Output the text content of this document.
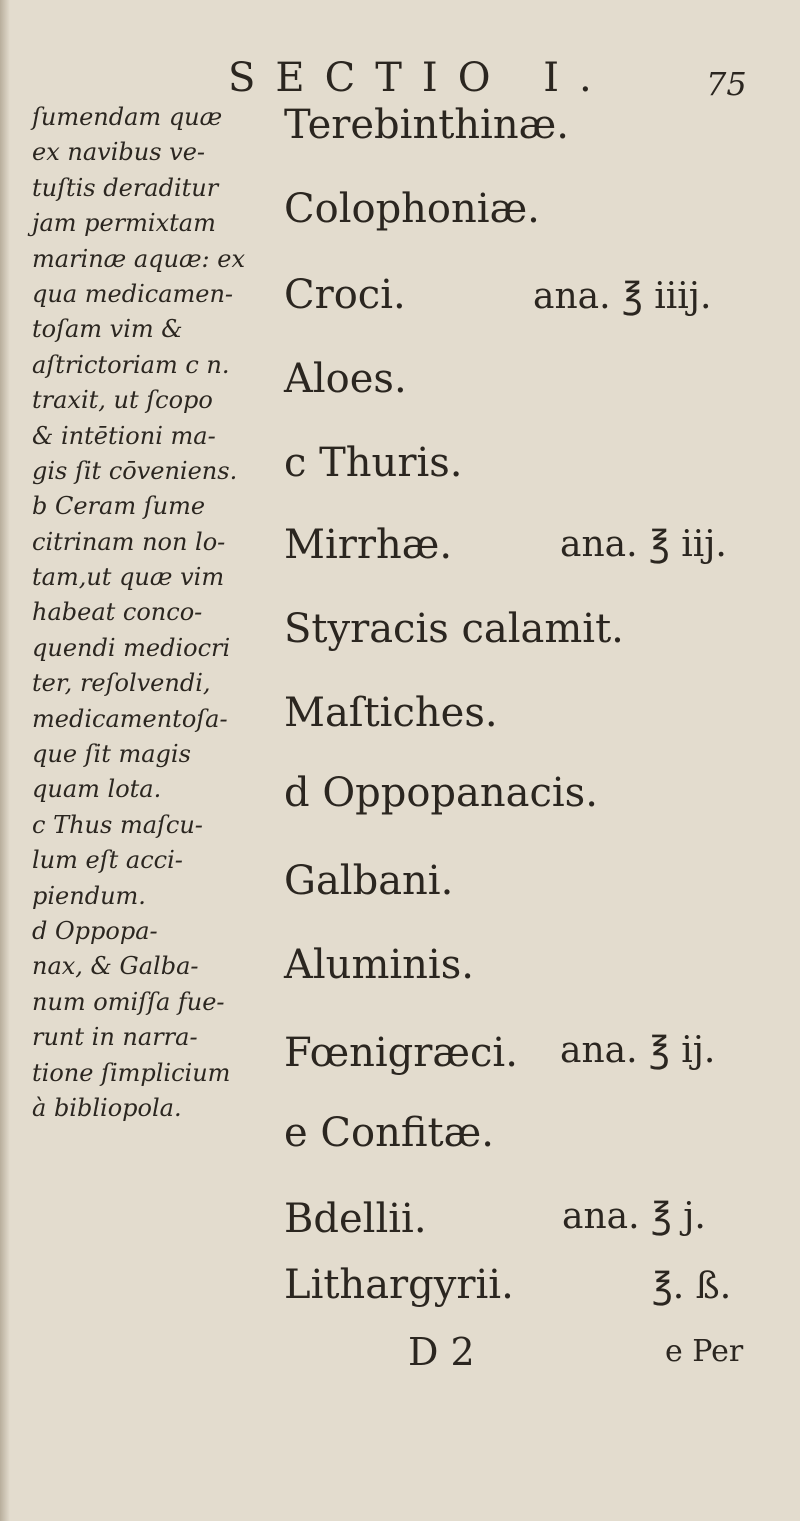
SECTIO I.	75
ſumendam quæ
ex navibus ve-
tuſtis deraditur
jam permixtam
marinæ aquæ: ex
qua medicamen-
toſam vim &
aſtrictoriam c n.
traxit, ut ſcopo
& intētioni ma-
gis ſit cōveniens.
b Ceram ſume
citrinam non lo-
tam,ut quæ vim
habeat conco-
quendi mediocri
ter, reſolvendi,
medicamentoſa-
que ſit magis
quam lota.
c Thus maſcu-
lum eſt acci-
piendum.
d Oppopa-
nax, & Galba-
num omiſſa fue-
runt in narra-
tione ſimplicium
à bibliopola.
Terebinthinæ.
Colophoniæ.
Croci.
Aloes.
c Thuris.
Mirrhæ.
Styracis calamit.
Maſtiches.
d Oppopanacis.
Galbani.
Aluminis.
Fœnigræci.
e Confitæ.
Bdellii.
Lithargyrii.
ana. ℥ iiij.
ana. ℥ iij.
ana. ℥ ij.
ana. ℥ j.
℥. ß.
D 2	e Per
